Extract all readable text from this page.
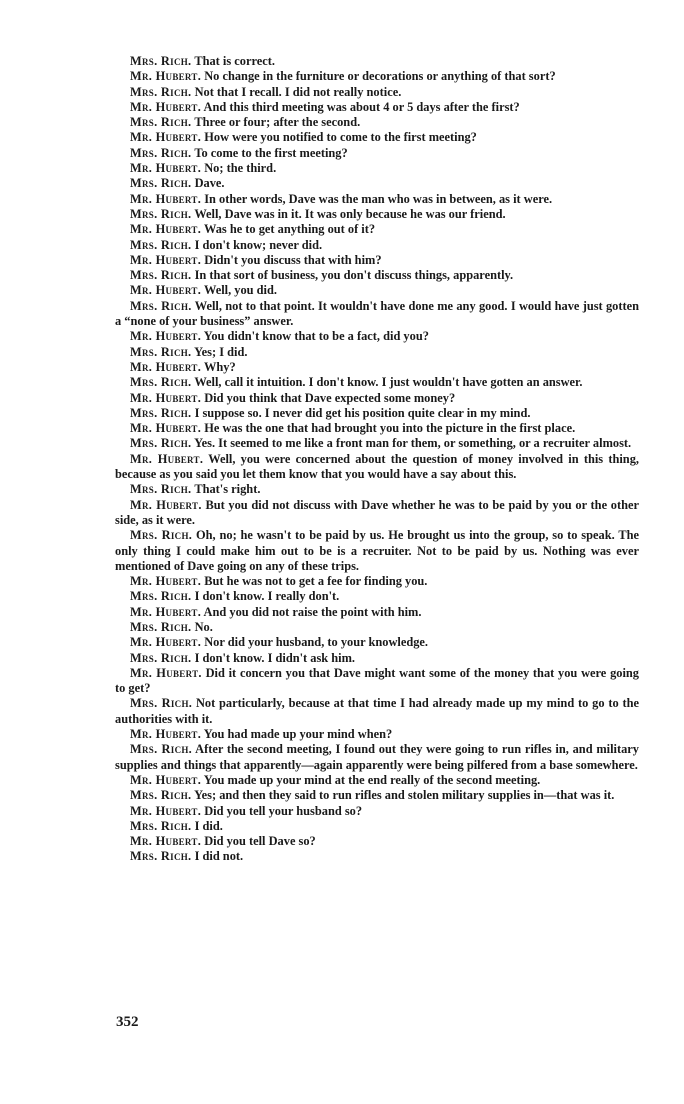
Mrs. Rich. That is correct.

Mr. Hubert. No change in the furniture or decorations or anything of that sort?

Mrs. Rich. Not that I recall. I did not really notice.

Mr. Hubert. And this third meeting was about 4 or 5 days after the first?

Mrs. Rich. Three or four; after the second.

Mr. Hubert. How were you notified to come to the first meeting?

Mrs. Rich. To come to the first meeting?

Mr. Hubert. No; the third.

Mrs. Rich. Dave.

Mr. Hubert. In other words, Dave was the man who was in between, as it were.

Mrs. Rich. Well, Dave was in it. It was only because he was our friend.

Mr. Hubert. Was he to get anything out of it?

Mrs. Rich. I don't know; never did.

Mr. Hubert. Didn't you discuss that with him?

Mrs. Rich. In that sort of business, you don't discuss things, apparently.

Mr. Hubert. Well, you did.

Mrs. Rich. Well, not to that point. It wouldn't have done me any good. I would have just gotten a “none of your business” answer.

Mr. Hubert. You didn't know that to be a fact, did you?

Mrs. Rich. Yes; I did.

Mr. Hubert. Why?

Mrs. Rich. Well, call it intuition. I don't know. I just wouldn't have gotten an answer.

Mr. Hubert. Did you think that Dave expected some money?

Mrs. Rich. I suppose so. I never did get his position quite clear in my mind.

Mr. Hubert. He was the one that had brought you into the picture in the first place.

Mrs. Rich. Yes. It seemed to me like a front man for them, or something, or a recruiter almost.

Mr. Hubert. Well, you were concerned about the question of money involved in this thing, because as you said you let them know that you would have a say about this.

Mrs. Rich. That's right.

Mr. Hubert. But you did not discuss with Dave whether he was to be paid by you or the other side, as it were.

Mrs. Rich. Oh, no; he wasn't to be paid by us. He brought us into the group, so to speak. The only thing I could make him out to be is a recruiter. Not to be paid by us. Nothing was ever mentioned of Dave going on any of these trips.

Mr. Hubert. But he was not to get a fee for finding you.

Mrs. Rich. I don't know. I really don't.

Mr. Hubert. And you did not raise the point with him.

Mrs. Rich. No.

Mr. Hubert. Nor did your husband, to your knowledge.

Mrs. Rich. I don't know. I didn't ask him.

Mr. Hubert. Did it concern you that Dave might want some of the money that you were going to get?

Mrs. Rich. Not particularly, because at that time I had already made up my mind to go to the authorities with it.

Mr. Hubert. You had made up your mind when?

Mrs. Rich. After the second meeting, I found out they were going to run rifles in, and military supplies and things that apparently—again apparently were being pilfered from a base somewhere.

Mr. Hubert. You made up your mind at the end really of the second meeting.

Mrs. Rich. Yes; and then they said to run rifles and stolen military supplies in—that was it.

Mr. Hubert. Did you tell your husband so?

Mrs. Rich. I did.

Mr. Hubert. Did you tell Dave so?

Mrs. Rich. I did not.

352
